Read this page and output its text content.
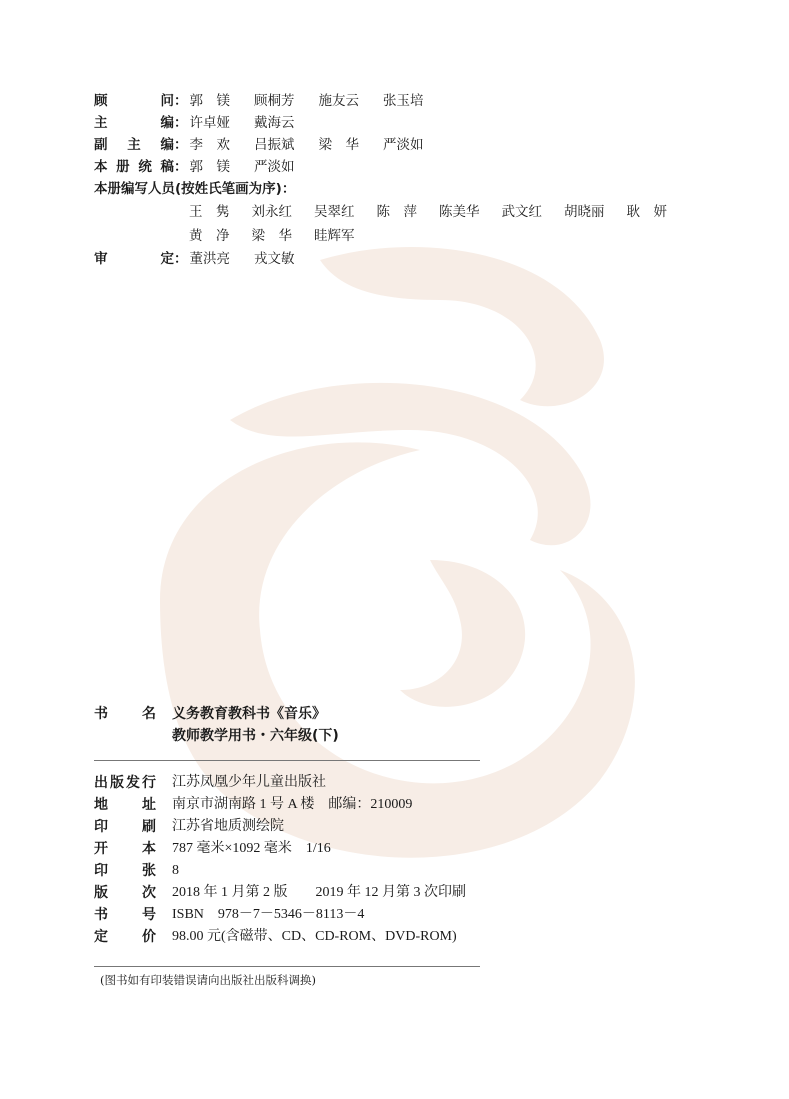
顾	问 ： 郭　镁 顾桐芳 施友云 张玉培
主	编 ： 许卓娅 戴海云
副 主 编 ： 李　欢 吕振斌 梁　华 严淡如
本 册 统 稿 ： 郭　镁 严淡如
本册编写人员(按姓氏笔画为序) ：
王　隽 刘永红 吴翠红 陈　萍 陈美华 武文红 胡晓丽 耿　妍
黄　净 梁　华 眭辉军
审	定 ： 董洪亮 戎文敏
书 名 义务教育教科书《音乐》
教师教学用书・六年级(下)
出 版 发 行 江苏凤凰少年儿童出版社
地 址 南京市湖南路 1 号 A 楼　邮编：210009
印 刷 江苏省地质测绘院
开 本 787 毫米×1092 毫米　1/16
印 张 8
版 次 2018 年 1 月第 2 版　　2019 年 12 月第 3 次印刷
书 号 ISBN　978－7－5346－8113－4
定 价 98.00 元(含磁带、CD、CD-ROM、DVD-ROM)
(图书如有印装错误请向出版社出版科调换)
